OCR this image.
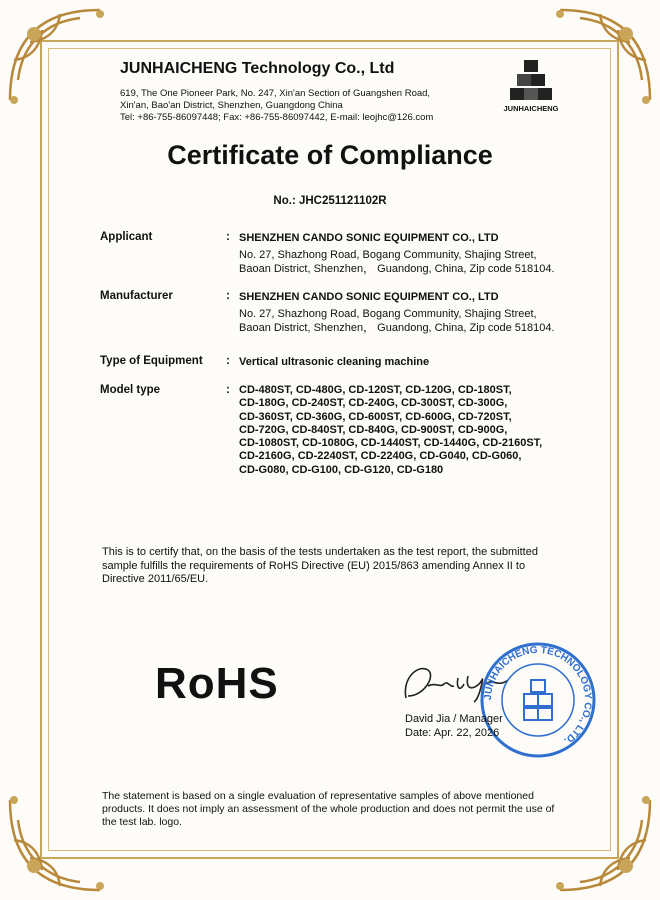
JUNHAICHENG Technology Co., Ltd
619, The One Pioneer Park, No. 247, Xin'an Section of Guangshen Road,
Xin'an, Bao'an District, Shenzhen, Guangdong China
Tel: +86-755-86097448; Fax: +86-755-86097442, E-mail: leojhc@126.com
JUNHAICHENG
Certificate of Compliance
No.: JHC251121102R
Applicant	: SHENZHEN CANDO SONIC EQUIPMENT CO., LTD
No. 27, Shazhong Road, Bogang Community, Shajing Street,
Baoan District, Shenzhen， Guandong, China, Zip code 518104.
Manufacturer	: SHENZHEN CANDO SONIC EQUIPMENT CO., LTD
No. 27, Shazhong Road, Bogang Community, Shajing Street,
Baoan District, Shenzhen， Guandong, China, Zip code 518104.
Type of Equipment : Vertical ultrasonic cleaning machine
Model type	: CD-480ST, CD-480G, CD-120ST, CD-120G, CD-180ST,
CD-180G, CD-240ST, CD-240G, CD-300ST, CD-300G,
CD-360ST, CD-360G, CD-600ST, CD-600G, CD-720ST,
CD-720G, CD-840ST, CD-840G, CD-900ST, CD-900G,
CD-1080ST, CD-1080G, CD-1440ST, CD-1440G, CD-2160ST,
CD-2160G, CD-2240ST, CD-2240G, CD-G040, CD-G060,
CD-G080, CD-G100, CD-G120, CD-G180
This is to certify that, on the basis of the tests undertaken as the test report, the submitted sample fulfills the requirements of RoHS Directive (EU) 2015/863 amending Annex II to Directive 2011/65/EU.
RoHS	JUNHAICHENG TECHNOLOGY CO., LTD.
David Jia / Manager
Date: Apr. 22, 2026
The statement is based on a single evaluation of representative samples of above mentioned products. It does not imply an assessment of the whole production and does not permit the use of the test lab. logo.
